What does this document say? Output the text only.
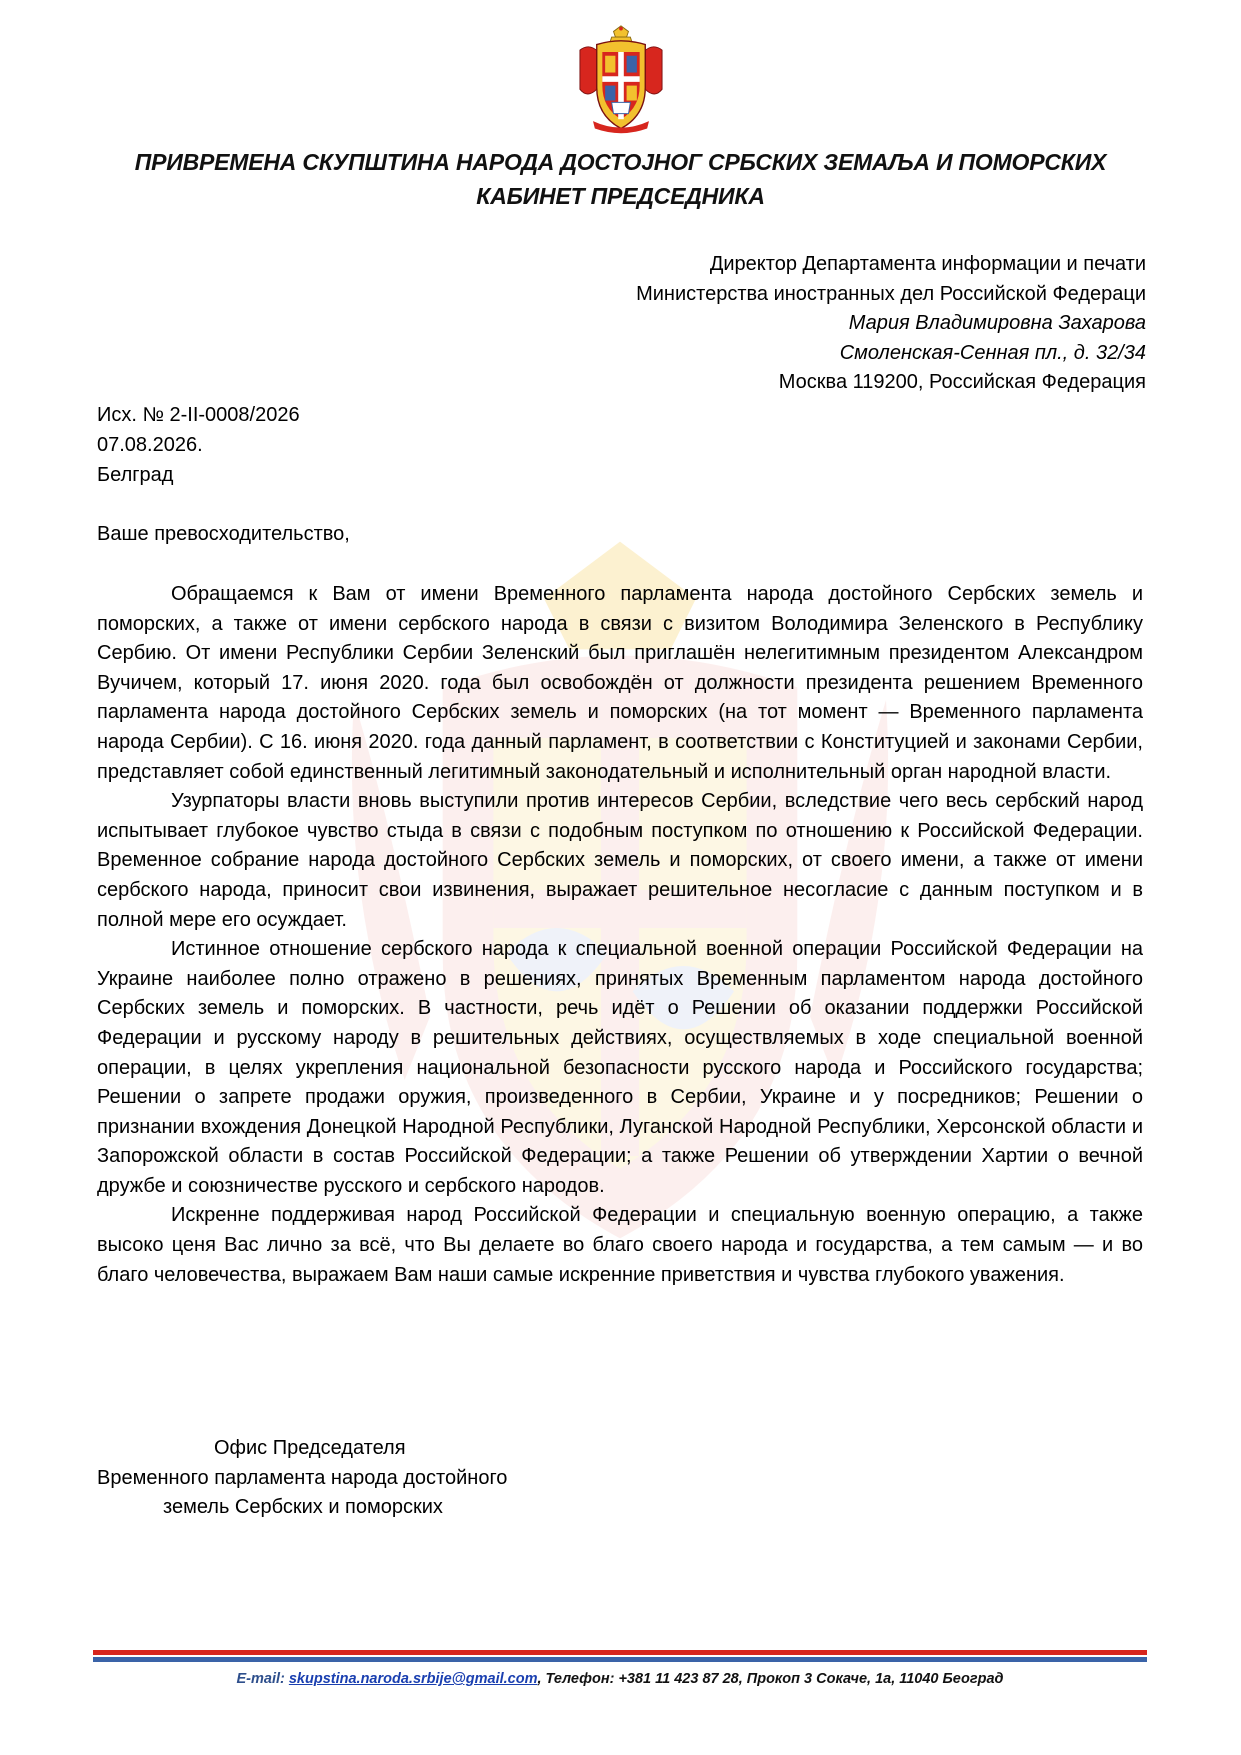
ПРИВРЕМЕНА СКУПШТИНА НАРОДА ДОСТОЈНОГ СРБСКИХ ЗЕМАЉА И ПОМОРСКИХ
КАБИНЕТ ПРЕДСЕДНИКА
Директор Департамента информации и печати
Министерства иностранных дел Российской Федераци
Мария Владимировна Захарова
Смоленская-Сенная пл., д. 32/34
Москва 119200, Российская Федерация
Исх. № 2-II-0008/2026
07.08.2026.
Белград
Ваше превосходительство,

Обращаемся к Вам от имени Временного парламента народа достойного Сербских земель и поморских, а также от имени сербского народа в связи с визитом Володимира Зеленского в Республику Сербию. От имени Республики Сербии Зеленский был приглашён нелегитимным президентом Александром Вучичем, который 17. июня 2020. года был освобождён от должности президента решением Временного парламента народа достойного Сербских земель и поморских (на тот момент — Временного парламента народа Сербии). С 16. июня 2020. года данный парламент, в соответствии с Конституцией и законами Сербии, представляет собой единственный легитимный законодательный и исполнительный орган народной власти.

Узурпаторы власти вновь выступили против интересов Сербии, вследствие чего весь сербский народ испытывает глубокое чувство стыда в связи с подобным поступком по отношению к Российской Федерации. Временное собрание народа достойного Сербских земель и поморских, от своего имени, а также от имени сербского народа, приносит свои извинения, выражает решительное несогласие с данным поступком и в полной мере его осуждает.

Истинное отношение сербского народа к специальной военной операции Российской Федерации на Украине наиболее полно отражено в решениях, принятых Временным парламентом народа достойного Сербских земель и поморских. В частности, речь идёт о Решении об оказании поддержки Российской Федерации и русскому народу в решительных действиях, осуществляемых в ходе специальной военной операции, в целях укрепления национальной безопасности русского народа и Российского государства; Решении о запрете продажи оружия, произведенного в Сербии, Украине и у посредников; Решении о признании вхождения Донецкой Народной Республики, Луганской Народной Республики, Херсонской области и Запорожской области в состав Российской Федерации; а также Решении об утверждении Хартии о вечной дружбе и союзничестве русского и сербского народов.

Искренне поддерживая народ Российской Федерации и специальную военную операцию, а также высоко ценя Вас лично за всё, что Вы делаете во благо своего народа и государства, а тем самым — и во благо человечества, выражаем Вам наши самые искренние приветствия и чувства глубокого уважения.

Офис Председателя
Временного парламента народа достойного
земель Сербских и поморских
E-mail: skupstina.naroda.srbije@gmail.com, Телефон: +381 11 423 87 28, Прокоп 3 Сокаче, 1а, 11040 Београд
